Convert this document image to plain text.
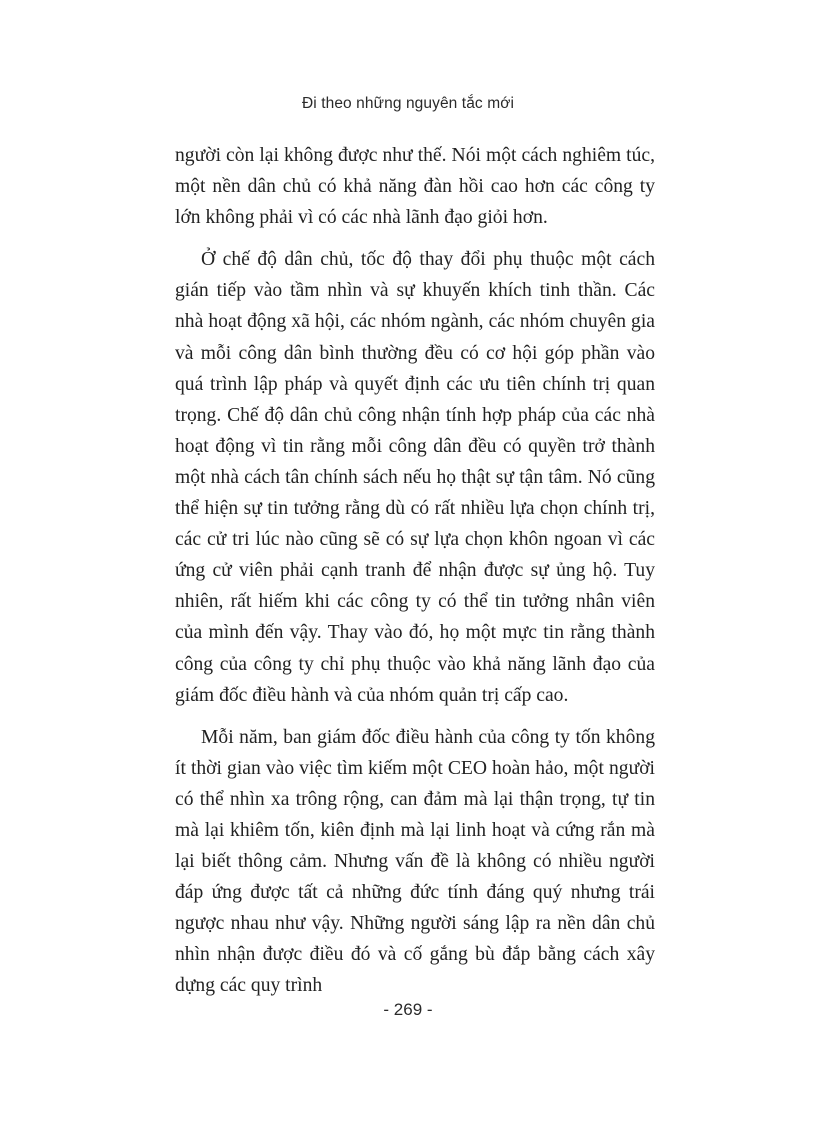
Đi theo những nguyên tắc mới

người còn lại không được như thế. Nói một cách nghiêm túc, một nền dân chủ có khả năng đàn hồi cao hơn các công ty lớn không phải vì có các nhà lãnh đạo giỏi hơn.

Ở chế độ dân chủ, tốc độ thay đổi phụ thuộc một cách gián tiếp vào tầm nhìn và sự khuyến khích tinh thần. Các nhà hoạt động xã hội, các nhóm ngành, các nhóm chuyên gia và mỗi công dân bình thường đều có cơ hội góp phần vào quá trình lập pháp và quyết định các ưu tiên chính trị quan trọng. Chế độ dân chủ công nhận tính hợp pháp của các nhà hoạt động vì tin rằng mỗi công dân đều có quyền trở thành một nhà cách tân chính sách nếu họ thật sự tận tâm. Nó cũng thể hiện sự tin tưởng rằng dù có rất nhiều lựa chọn chính trị, các cử tri lúc nào cũng sẽ có sự lựa chọn khôn ngoan vì các ứng cử viên phải cạnh tranh để nhận được sự ủng hộ. Tuy nhiên, rất hiếm khi các công ty có thể tin tưởng nhân viên của mình đến vậy. Thay vào đó, họ một mực tin rằng thành công của công ty chỉ phụ thuộc vào khả năng lãnh đạo của giám đốc điều hành và của nhóm quản trị cấp cao.

Mỗi năm, ban giám đốc điều hành của công ty tốn không ít thời gian vào việc tìm kiếm một CEO hoàn hảo, một người có thể nhìn xa trông rộng, can đảm mà lại thận trọng, tự tin mà lại khiêm tốn, kiên định mà lại linh hoạt và cứng rắn mà lại biết thông cảm. Nhưng vấn đề là không có nhiều người đáp ứng được tất cả những đức tính đáng quý nhưng trái ngược nhau như vậy. Những người sáng lập ra nền dân chủ nhìn nhận được điều đó và cố gắng bù đắp bằng cách xây dựng các quy trình

- 269 -
